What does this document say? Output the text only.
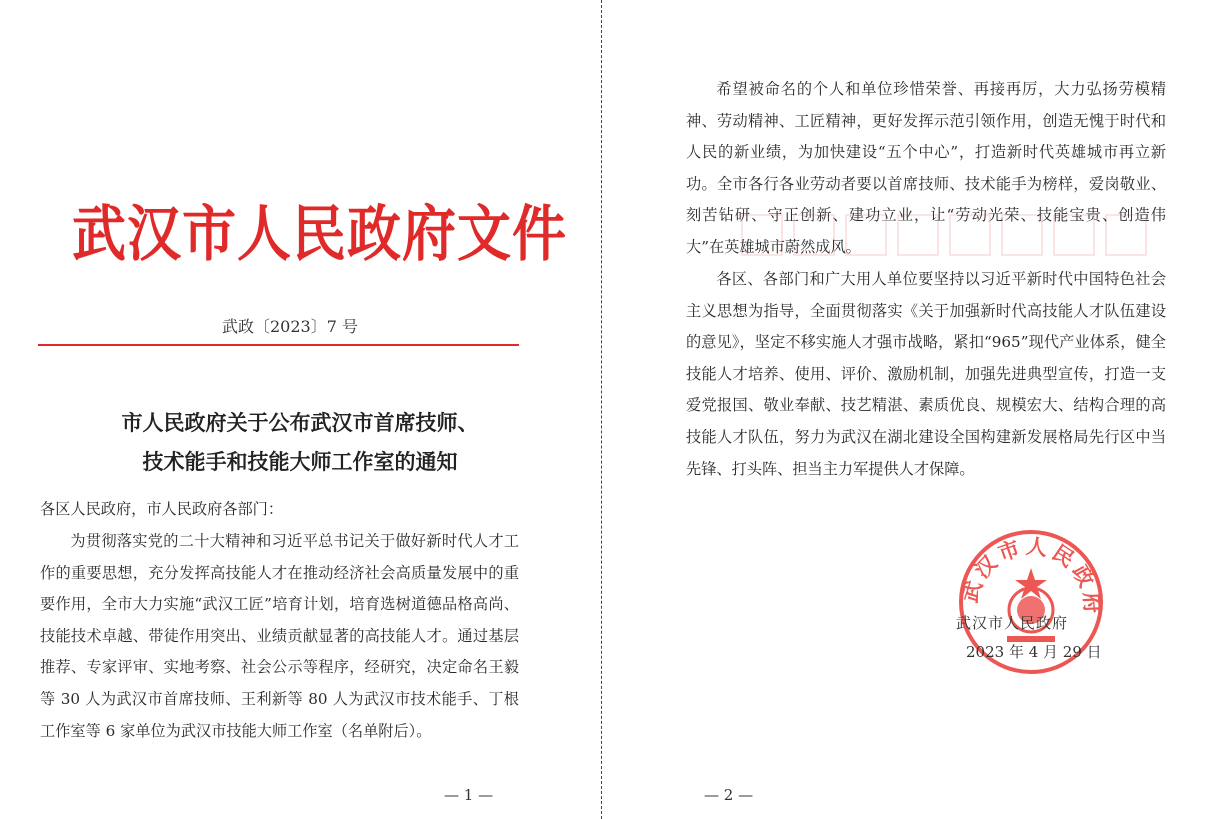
武汉市人民政府文件
武政〔2023〕7 号
市人民政府关于公布武汉市首席技师、
技术能手和技能大师工作室的通知

各区人民政府，市人民政府各部门：

为贯彻落实党的二十大精神和习近平总书记关于做好新时代人才工作的重要思想，充分发挥高技能人才在推动经济社会高质量发展中的重要作用，全市大力实施“武汉工匠”培育计划，培育选树道德品格高尚、技能技术卓越、带徒作用突出、业绩贡献显著的高技能人才。通过基层推荐、专家评审、实地考察、社会公示等程序，经研究，决定命名王毅等 30 人为武汉市首席技师、王利新等 80 人为武汉市技术能手、丁根工作室等 6 家单位为武汉市技能大师工作室（名单附后）。

— 1 —

希望被命名的个人和单位珍惜荣誉、再接再厉，大力弘扬劳模精神、劳动精神、工匠精神，更好发挥示范引领作用，创造无愧于时代和人民的新业绩，为加快建设“五个中心”，打造新时代英雄城市再立新功。全市各行各业劳动者要以首席技师、技术能手为榜样，爱岗敬业、刻苦钻研、守正创新、建功立业，让“劳动光荣、技能宝贵、创造伟大”在英雄城市蔚然成风。

各区、各部门和广大用人单位要坚持以习近平新时代中国特色社会主义思想为指导，全面贯彻落实《关于加强新时代高技能人才队伍建设的意见》，坚定不移实施人才强市战略，紧扣“965”现代产业体系，健全技能人才培养、使用、评价、激励机制，加强先进典型宣传，打造一支爱党报国、敬业奉献、技艺精湛、素质优良、规模宏大、结构合理的高技能人才队伍，努力为武汉在湖北建设全国构建新发展格局先行区中当先锋、打头阵、担当主力军提供人才保障。

武汉市人民政府
武汉市人民政府
2023 年 4 月 29 日
— 2 —
